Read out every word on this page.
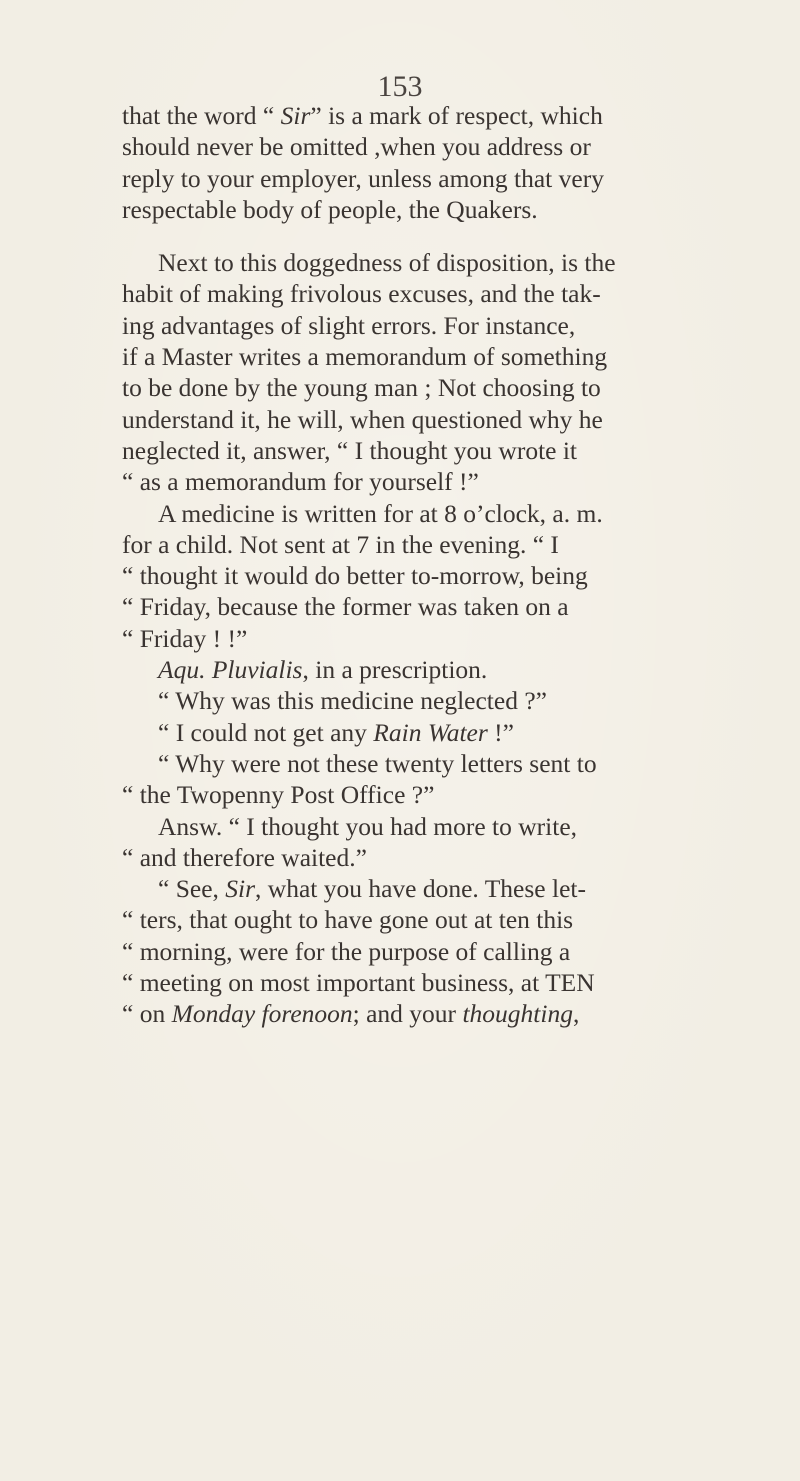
153
that the word “ Sir” is a mark of respect, which
should never be omitted ,when you address or
reply to your employer, unless among that very
respectable body of people, the Quakers.
Next to this doggedness of disposition, is the
habit of making frivolous excuses, and the tak-
ing advantages of slight errors. For instance,
if a Master writes a memorandum of something
to be done by the young man ; Not choosing to
understand it, he will, when questioned why he
neglected it, answer, “ I thought you wrote it
“ as a memorandum for yourself !”
A medicine is written for at 8 o’clock, a. m.
for a child. Not sent at 7 in the evening. “ I
“ thought it would do better to-morrow, being
“ Friday, because the former was taken on a
“ Friday ! !”
Aqu. Pluvialis, in a prescription.
“ Why was this medicine neglected ?”
“ I could not get any Rain Water !”
“ Why were not these twenty letters sent to
“ the Twopenny Post Office ?”
Answ. “ I thought you had more to write,
“ and therefore waited.”
“ See, Sir, what you have done. These let-
“ ters, that ought to have gone out at ten this
“ morning, were for the purpose of calling a
“ meeting on most important business, at TEN
“ on Monday forenoon; and your thoughting,
